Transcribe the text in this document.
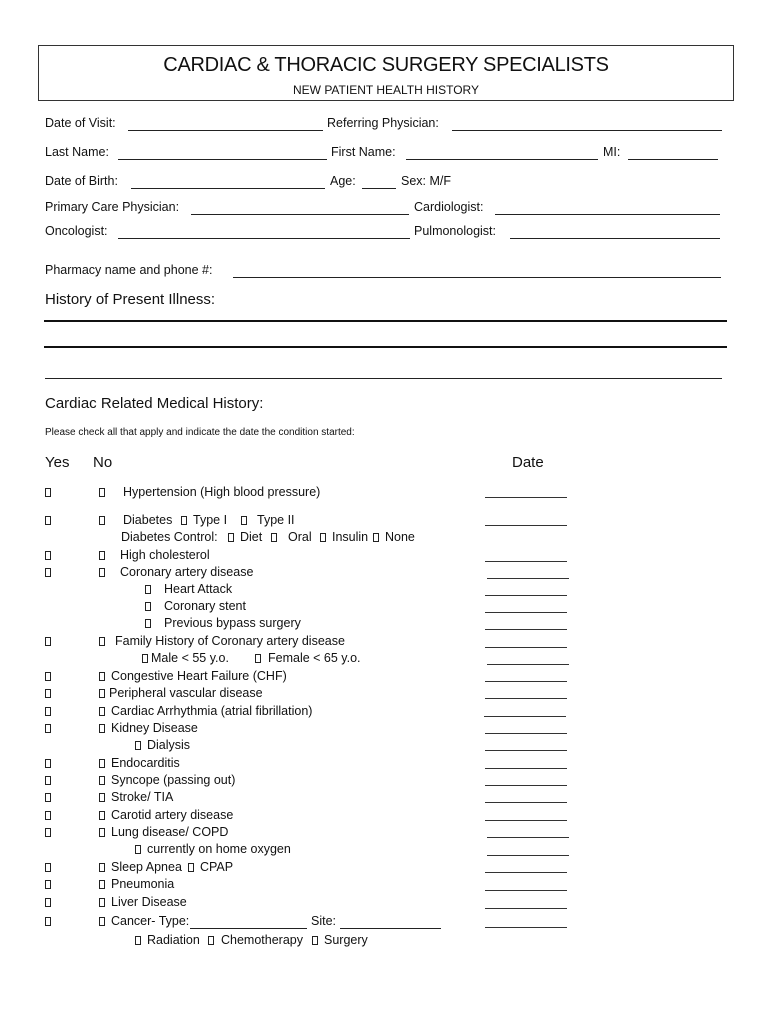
CARDIAC & THORACIC SURGERY SPECIALISTS
NEW PATIENT HEALTH HISTORY
Date of Visit:	Referring Physician:
Last Name:	First Name:	MI:
Date of Birth:	Age:	Sex: M/F
Primary Care Physician:	Cardiologist:
Oncologist:	Pulmonologist:
Pharmacy name and phone #:
History of Present Illness:
Cardiac Related Medical History:
Please check all that apply and indicate the date the condition started:
Yes No	Date
Hypertension (High blood pressure)
Diabetes Type I Type II
Diabetes Control: Diet Oral Insulin None
High cholesterol
Coronary artery disease
Heart Attack
Coronary stent
Previous bypass surgery
Family History of Coronary artery disease
Male < 55 y.o.	Female < 65 y.o.
Congestive Heart Failure (CHF)
Peripheral vascular disease
Cardiac Arrhythmia (atrial fibrillation)
Kidney Disease
Dialysis
Endocarditis
Syncope (passing out)
Stroke/ TIA
Carotid artery disease
Lung disease/ COPD
currently on home oxygen
Sleep Apnea CPAP
Pneumonia
Liver Disease
Cancer- Type:	Site:
Radiation Chemotherapy Surgery
